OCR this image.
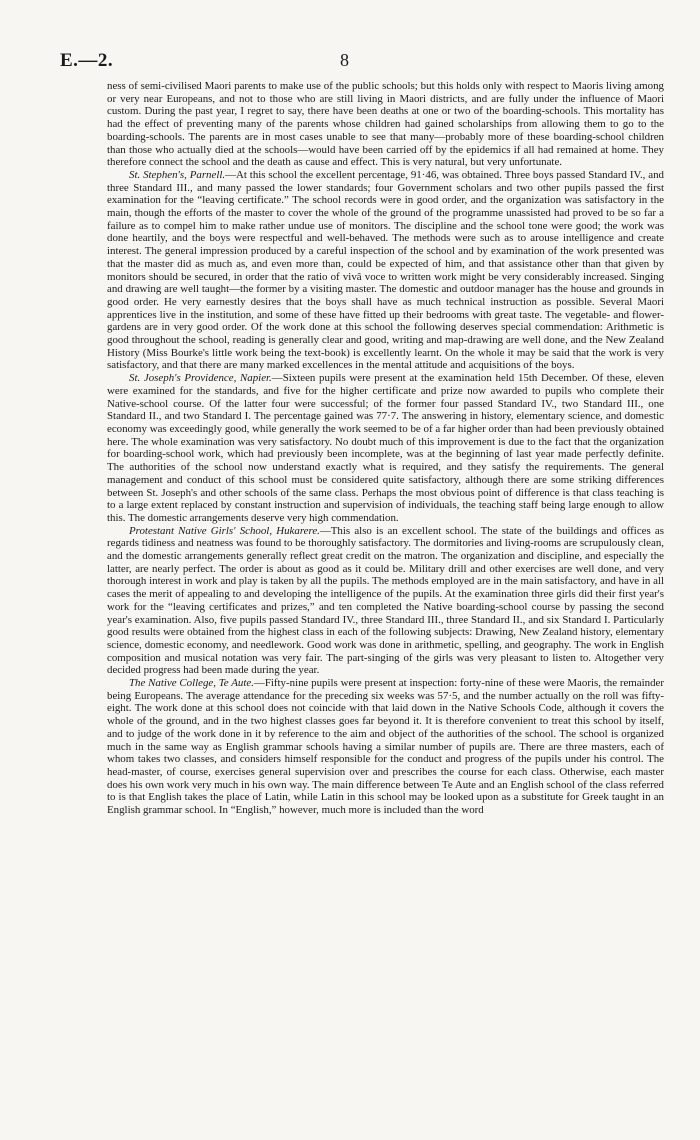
E.—2.	8

ness of semi-civilised Maori parents to make use of the public schools; but this holds only with respect to Maoris living among or very near Europeans, and not to those who are still living in Maori districts, and are fully under the influence of Maori custom. During the past year, I regret to say, there have been deaths at one or two of the boarding-schools. This mortality has had the effect of preventing many of the parents whose children had gained scholarships from allowing them to go to the boarding-schools. The parents are in most cases unable to see that many—probably more of these boarding-school children than those who actually died at the schools—would have been carried off by the epidemics if all had remained at home. They therefore connect the school and the death as cause and effect. This is very natural, but very unfortunate.

St. Stephen's, Parnell.—At this school the excellent percentage, 91·46, was obtained. Three boys passed Standard IV., and three Standard III., and many passed the lower standards; four Government scholars and two other pupils passed the first examination for the “leaving certificate.” The school records were in good order, and the organization was satisfactory in the main, though the efforts of the master to cover the whole of the ground of the programme unassisted had proved to be so far a failure as to compel him to make rather undue use of monitors. The discipline and the school tone were good; the work was done heartily, and the boys were respectful and well-behaved. The methods were such as to arouse intelligence and create interest. The general impression produced by a careful inspection of the school and by examination of the work presented was that the master did as much as, and even more than, could be expected of him, and that assistance other than that given by monitors should be secured, in order that the ratio of vivâ voce to written work might be very considerably increased. Singing and drawing are well taught—the former by a visiting master. The domestic and outdoor manager has the house and grounds in good order. He very earnestly desires that the boys shall have as much technical instruction as possible. Several Maori apprentices live in the institution, and some of these have fitted up their bedrooms with great taste. The vegetable- and flower-gardens are in very good order. Of the work done at this school the following deserves special commendation: Arithmetic is good throughout the school, reading is generally clear and good, writing and map-drawing are well done, and the New Zealand History (Miss Bourke's little work being the text-book) is excellently learnt. On the whole it may be said that the work is very satisfactory, and that there are many marked excellences in the mental attitude and acquisitions of the boys.

St. Joseph's Providence, Napier.—Sixteen pupils were present at the examination held 15th December. Of these, eleven were examined for the standards, and five for the higher certificate and prize now awarded to pupils who complete their Native-school course. Of the latter four were successful; of the former four passed Standard IV., two Standard III., one Standard II., and two Standard I. The percentage gained was 77·7. The answering in history, elementary science, and domestic economy was exceedingly good, while generally the work seemed to be of a far higher order than had been previously obtained here. The whole examination was very satisfactory. No doubt much of this improvement is due to the fact that the organization for boarding-school work, which had previously been incomplete, was at the beginning of last year made perfectly definite. The authorities of the school now understand exactly what is required, and they satisfy the requirements. The general management and conduct of this school must be considered quite satisfactory, although there are some striking differences between St. Joseph's and other schools of the same class. Perhaps the most obvious point of difference is that class teaching is to a large extent replaced by constant instruction and supervision of individuals, the teaching staff being large enough to allow this. The domestic arrangements deserve very high commendation.

Protestant Native Girls' School, Hukarere.—This also is an excellent school. The state of the buildings and offices as regards tidiness and neatness was found to be thoroughly satisfactory. The dormitories and living-rooms are scrupulously clean, and the domestic arrangements generally reflect great credit on the matron. The organization and discipline, and especially the latter, are nearly perfect. The order is about as good as it could be. Military drill and other exercises are well done, and very thorough interest in work and play is taken by all the pupils. The methods employed are in the main satisfactory, and have in all cases the merit of appealing to and developing the intelligence of the pupils. At the examination three girls did their first year's work for the “leaving certificates and prizes,” and ten completed the Native boarding-school course by passing the second year's examination. Also, five pupils passed Standard IV., three Standard III., three Standard II., and six Standard I. Particularly good results were obtained from the highest class in each of the following subjects: Drawing, New Zealand history, elementary science, domestic economy, and needlework. Good work was done in arithmetic, spelling, and geography. The work in English composition and musical notation was very fair. The part-singing of the girls was very pleasant to listen to. Altogether very decided progress had been made during the year.

The Native College, Te Aute.—Fifty-nine pupils were present at inspection: forty-nine of these were Maoris, the remainder being Europeans. The average attendance for the preceding six weeks was 57·5, and the number actually on the roll was fifty-eight. The work done at this school does not coincide with that laid down in the Native Schools Code, although it covers the whole of the ground, and in the two highest classes goes far beyond it. It is therefore convenient to treat this school by itself, and to judge of the work done in it by reference to the aim and object of the authorities of the school. The school is organized much in the same way as English grammar schools having a similar number of pupils are. There are three masters, each of whom takes two classes, and considers himself responsible for the conduct and progress of the pupils under his control. The head-master, of course, exercises general supervision over and prescribes the course for each class. Otherwise, each master does his own work very much in his own way. The main difference between Te Aute and an English school of the class referred to is that English takes the place of Latin, while Latin in this school may be looked upon as a substitute for Greek taught in an English grammar school. In “English,” however, much more is included than the word
